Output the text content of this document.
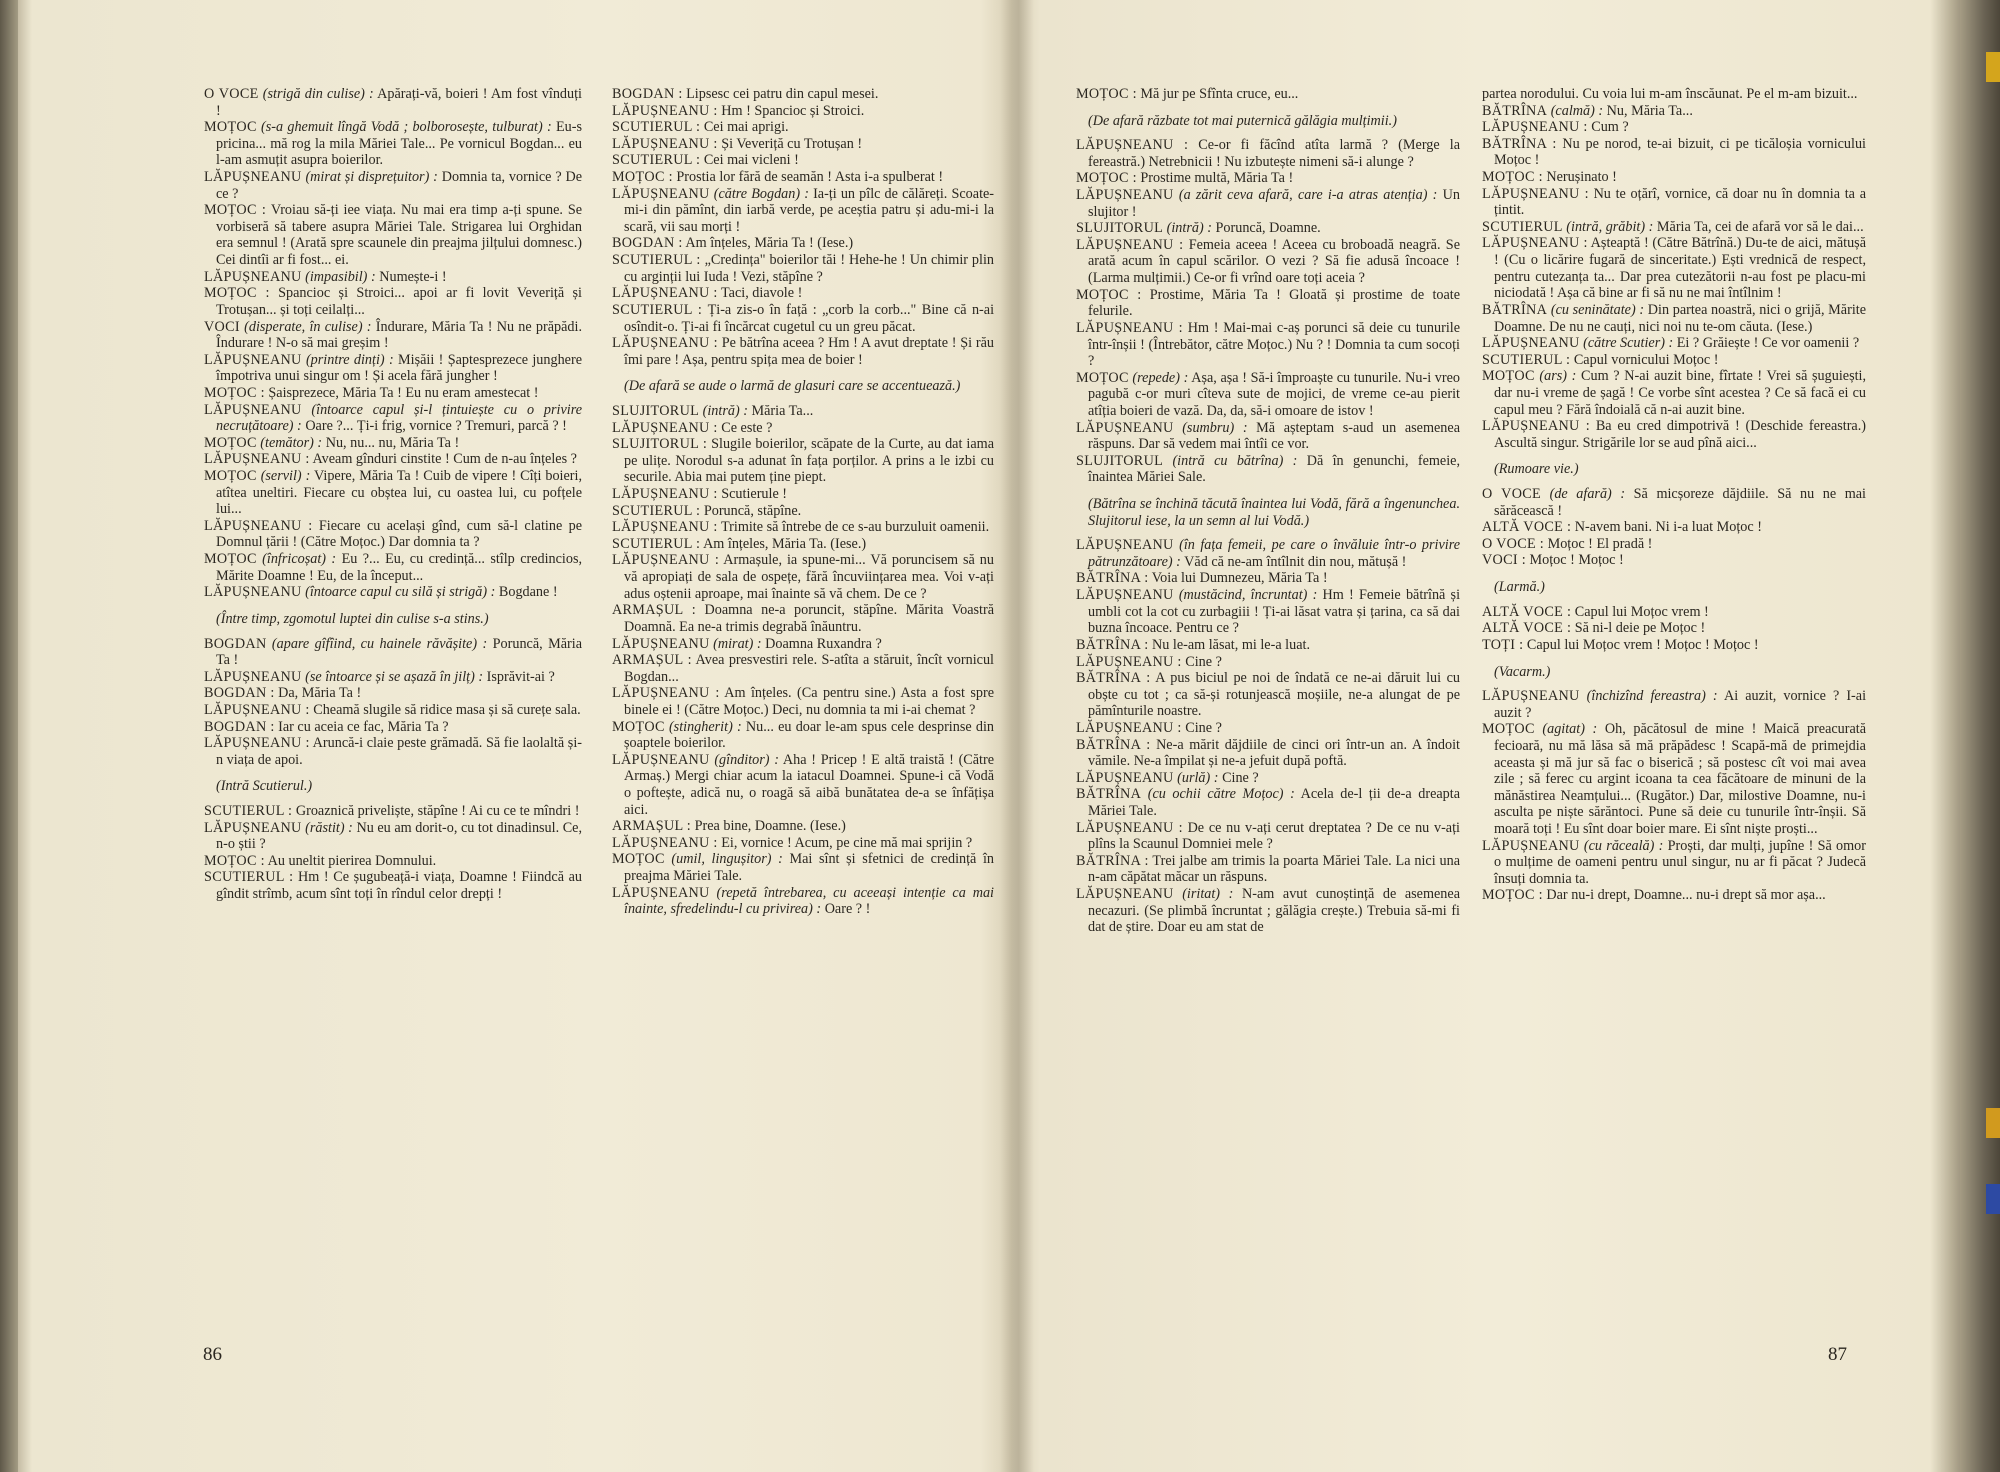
O VOCE (strigă din culise) : Apărați-vă, boieri ! Am fost vînduți !

MOȚOC (s-a ghemuit lîngă Vodă ; bolborosește, tulburat) : Eu-s pricina... mă rog la mila Măriei Tale... Pe vornicul Bogdan... eu l-am asmuțit asupra boierilor.

LĂPUȘNEANU (mirat și disprețuitor) : Domnia ta, vornice ? De ce ?

MOȚOC : Vroiau să-ți iee viața. Nu mai era timp a-ți spune. Se vorbiseră să tabere asupra Măriei Tale. Strigarea lui Orghidan era semnul ! (Arată spre scaunele din preajma jilțului domnesc.) Cei dintîi ar fi fost... ei.

LĂPUȘNEANU (impasibil) : Numește-i !

MOȚOC : Spancioc și Stroici... apoi ar fi lovit Veveriță și Trotușan... și toți ceilalți...

VOCI (disperate, în culise) : Îndurare, Măria Ta ! Nu ne prăpădi. Îndurare ! N-o să mai greșim !

LĂPUȘNEANU (printre dinți) : Mișăii ! Șaptesprezece junghere împotriva unui singur om ! Și acela fără jungher !

MOȚOC : Șaisprezece, Măria Ta ! Eu nu eram amestecat !

LĂPUȘNEANU (întoarce capul și-l țintuiește cu o privire necruțătoare) : Oare ?... Ți-i frig, vornice ? Tremuri, parcă ? !

MOȚOC (temător) : Nu, nu... nu, Măria Ta !

LĂPUȘNEANU : Aveam gînduri cinstite ! Cum de n-au înțeles ?

MOȚOC (servil) : Vipere, Măria Ta ! Cuib de vipere ! Cîți boieri, atîtea uneltiri. Fiecare cu obștea lui, cu oastea lui, cu pofțele lui...

LĂPUȘNEANU : Fiecare cu același gînd, cum să-l clatine pe Domnul țării ! (Către Moțoc.) Dar domnia ta ?

MOȚOC (înfricoșat) : Eu ?... Eu, cu credință... stîlp credincios, Mărite Doamne ! Eu, de la început...

LĂPUȘNEANU (întoarce capul cu silă și strigă) : Bogdane !

(Între timp, zgomotul luptei din culise s-a stins.)

BOGDAN (apare gîfîind, cu hainele răvășite) : Poruncă, Măria Ta !

LĂPUȘNEANU (se întoarce și se așază în jilț) : Isprăvit-ai ?

BOGDAN : Da, Măria Ta !

LĂPUȘNEANU : Cheamă slugile să ridice masa și să curețe sala.

BOGDAN : Iar cu aceia ce fac, Măria Ta ?

LĂPUȘNEANU : Aruncă-i claie peste grămadă. Să fie laolaltă și-n viața de apoi.

(Intră Scutierul.)

SCUTIERUL : Groaznică priveliște, stăpîne ! Ai cu ce te mîndri !

LĂPUȘNEANU (răstit) : Nu eu am dorit-o, cu tot dinadinsul. Ce, n-o știi ?

MOȚOC : Au uneltit pierirea Domnului.

SCUTIERUL : Hm ! Ce șugubeață-i viața, Doamne ! Fiindcă au gîndit strîmb, acum sînt toți în rîndul celor drepți !

BOGDAN : Lipsesc cei patru din capul mesei.

LĂPUȘNEANU : Hm ! Spancioc și Stroici.

SCUTIERUL : Cei mai aprigi.

LĂPUȘNEANU : Și Veveriță cu Trotușan !

SCUTIERUL : Cei mai vicleni !

MOȚOC : Prostia lor fără de seamăn ! Asta i-a spulberat !

LĂPUȘNEANU (către Bogdan) : Ia-ți un pîlc de călăreți. Scoate-mi-i din pămînt, din iarbă verde, pe aceștia patru și adu-mi-i la scară, vii sau morți !

BOGDAN : Am înțeles, Măria Ta ! (Iese.)

SCUTIERUL : „Credința" boierilor tăi ! Hehe-he ! Un chimir plin cu arginții lui Iuda ! Vezi, stăpîne ?

LĂPUȘNEANU : Taci, diavole !

SCUTIERUL : Ți-a zis-o în față : „corb la corb..." Bine că n-ai osîndit-o. Ți-ai fi încărcat cugetul cu un greu păcat.

LĂPUȘNEANU : Pe bătrîna aceea ? Hm ! A avut dreptate ! Și rău îmi pare ! Așa, pentru spița mea de boier !

(De afară se aude o larmă de glasuri care se accentuează.)

SLUJITORUL (intră) : Măria Ta...

LĂPUȘNEANU : Ce este ?

SLUJITORUL : Slugile boierilor, scăpate de la Curte, au dat iama pe ulițe. Norodul s-a adunat în fața porților. A prins a le izbi cu securile. Abia mai putem ține piept.

LĂPUȘNEANU : Scutierule !

SCUTIERUL : Poruncă, stăpîne.

LĂPUȘNEANU : Trimite să întrebe de ce s-au burzuluit oamenii.

SCUTIERUL : Am înțeles, Măria Ta. (Iese.)

LĂPUȘNEANU : Armașule, ia spune-mi... Vă poruncisem să nu vă apropiați de sala de ospețe, fără încuviințarea mea. Voi v-ați adus oștenii aproape, mai înainte să vă chem. De ce ?

ARMAȘUL : Doamna ne-a poruncit, stăpîne. Mărita Voastră Doamnă. Ea ne-a trimis degrabă înăuntru.

LĂPUȘNEANU (mirat) : Doamna Ruxandra ?

ARMAȘUL : Avea presvestiri rele. S-atîta a stăruit, încît vornicul Bogdan...

LĂPUȘNEANU : Am înțeles. (Ca pentru sine.) Asta a fost spre binele ei ! (Către Moțoc.) Deci, nu domnia ta mi i-ai chemat ?

MOȚOC (stingherit) : Nu... eu doar le-am spus cele desprinse din șoaptele boierilor.

LĂPUȘNEANU (gînditor) : Aha ! Pricep ! E altă traistă ! (Către Armaș.) Mergi chiar acum la iatacul Doamnei. Spune-i că Vodă o poftește, adică nu, o roagă să aibă bunătatea de-a se înfățișa aici.

ARMAȘUL : Prea bine, Doamne. (Iese.)

LĂPUȘNEANU : Ei, vornice ! Acum, pe cine mă mai sprijin ?

MOȚOC (umil, lingușitor) : Mai sînt și sfetnici de credință în preajma Măriei Tale.

LĂPUȘNEANU (repetă întrebarea, cu aceeași intenție ca mai înainte, sfredelindu-l cu privirea) : Oare ? !

MOȚOC : Mă jur pe Sfînta cruce, eu...

(De afară răzbate tot mai puternică gălăgia mulțimii.)

LĂPUȘNEANU : Ce-or fi făcînd atîta larmă ? (Merge la fereastră.) Netrebnicii ! Nu izbutește nimeni să-i alunge ?

MOȚOC : Prostime multă, Măria Ta !

LĂPUȘNEANU (a zărit ceva afară, care i-a atras atenția) : Un slujitor !

SLUJITORUL (intră) : Poruncă, Doamne.

LĂPUȘNEANU : Femeia aceea ! Aceea cu broboadă neagră. Se arată acum în capul scărilor. O vezi ? Să fie adusă încoace ! (Larma mulțimii.) Ce-or fi vrînd oare toți aceia ?

MOȚOC : Prostime, Măria Ta ! Gloată și prostime de toate felurile.

LĂPUȘNEANU : Hm ! Mai-mai c-aș porunci să deie cu tunurile într-înșii ! (Întrebător, către Moțoc.) Nu ? ! Domnia ta cum socoți ?

MOȚOC (repede) : Așa, așa ! Să-i împroaște cu tunurile. Nu-i vreo pagubă c-or muri cîteva sute de mojici, de vreme ce-au pierit atîția boieri de vază. Da, da, să-i omoare de istov !

LĂPUȘNEANU (sumbru) : Mă așteptam s-aud un asemenea răspuns. Dar să vedem mai întîi ce vor.

SLUJITORUL (intră cu bătrîna) : Dă în genunchi, femeie, înaintea Măriei Sale.

(Bătrîna se închină tăcută înaintea lui Vodă, fără a îngenunchea. Slujitorul iese, la un semn al lui Vodă.)

LĂPUȘNEANU (în fața femeii, pe care o învăluie într-o privire pătrunzătoare) : Văd că ne-am întîlnit din nou, mătușă !

BĂTRÎNA : Voia lui Dumnezeu, Măria Ta !

LĂPUȘNEANU (mustăcind, încruntat) : Hm ! Femeie bătrînă și umbli cot la cot cu zurbagiii ! Ți-ai lăsat vatra și țarina, ca să dai buzna încoace. Pentru ce ?

BĂTRÎNA : Nu le-am lăsat, mi le-a luat.

LĂPUȘNEANU : Cine ?

BĂTRÎNA : A pus biciul pe noi de îndată ce ne-ai dăruit lui cu obște cu tot ; ca să-și rotunjească moșiile, ne-a alungat de pe pămînturile noastre.

LĂPUȘNEANU : Cine ?

BĂTRÎNA : Ne-a mărit dăjdiile de cinci ori într-un an. A îndoit vămile. Ne-a împilat și ne-a jefuit după poftă.

LĂPUȘNEANU (urlă) : Cine ?

BĂTRÎNA (cu ochii către Moțoc) : Acela de-l ții de-a dreapta Măriei Tale.

LĂPUȘNEANU : De ce nu v-ați cerut dreptatea ? De ce nu v-ați plîns la Scaunul Domniei mele ?

BĂTRÎNA : Trei jalbe am trimis la poarta Măriei Tale. La nici una n-am căpătat măcar un răspuns.

LĂPUȘNEANU (iritat) : N-am avut cunoștință de asemenea necazuri. (Se plimbă încruntat ; gălăgia crește.) Trebuia să-mi fi dat de știre. Doar eu am stat de

partea norodului. Cu voia lui m-am înscăunat. Pe el m-am bizuit...

BĂTRÎNA (calmă) : Nu, Măria Ta...

LĂPUȘNEANU : Cum ?

BĂTRÎNA : Nu pe norod, te-ai bizuit, ci pe ticăloșia vornicului Moțoc !

MOȚOC : Nerușinato !

LĂPUȘNEANU : Nu te oțărî, vornice, că doar nu în domnia ta a țintit.

SCUTIERUL (intră, grăbit) : Măria Ta, cei de afară vor să le dai...

LĂPUȘNEANU : Așteaptă ! (Către Bătrînă.) Du-te de aici, mătușă ! (Cu o licărire fugară de sinceritate.) Ești vrednică de respect, pentru cutezanța ta... Dar prea cutezătorii n-au fost pe placu-mi niciodată ! Așa că bine ar fi să nu ne mai întîlnim !

BĂTRÎNA (cu seninătate) : Din partea noastră, nici o grijă, Mărite Doamne. De nu ne cauți, nici noi nu te-om căuta. (Iese.)

LĂPUȘNEANU (către Scutier) : Ei ? Grăiește ! Ce vor oamenii ?

SCUTIERUL : Capul vornicului Moțoc !

MOȚOC (ars) : Cum ? N-ai auzit bine, fîrtate ! Vrei să șuguiești, dar nu-i vreme de șagă ! Ce vorbe sînt acestea ? Ce să facă ei cu capul meu ? Fără îndoială că n-ai auzit bine.

LĂPUȘNEANU : Ba eu cred dimpotrivă ! (Deschide fereastra.) Ascultă singur. Strigările lor se aud pînă aici...

(Rumoare vie.)

O VOCE (de afară) : Să micșoreze dăjdiile. Să nu ne mai sărăcească !

ALTĂ VOCE : N-avem bani. Ni i-a luat Moțoc !

O VOCE : Moțoc ! El pradă !

VOCI : Moțoc ! Moțoc !

(Larmă.)

ALTĂ VOCE : Capul lui Moțoc vrem !

ALTĂ VOCE : Să ni-l deie pe Moțoc !

TOȚI : Capul lui Moțoc vrem ! Moțoc ! Moțoc !

(Vacarm.)

LĂPUȘNEANU (închizînd fereastra) : Ai auzit, vornice ? I-ai auzit ?

MOȚOC (agitat) : Oh, păcătosul de mine ! Maică preacurată fecioară, nu mă lăsa să mă prăpădesc ! Scapă-mă de primejdia aceasta și mă jur să fac o biserică ; să postesc cît voi mai avea zile ; să ferec cu argint icoana ta cea făcătoare de minuni de la mănăstirea Neamțului... (Rugător.) Dar, milostive Doamne, nu-i asculta pe niște sărăntoci. Pune să deie cu tunurile într-înșii. Să moară toți ! Eu sînt doar boier mare. Ei sînt niște proști...

LĂPUȘNEANU (cu răceală) : Proști, dar mulți, jupîne ! Să omor o mulțime de oameni pentru unul singur, nu ar fi păcat ? Judecă însuți domnia ta.

MOȚOC : Dar nu-i drept, Doamne... nu-i drept să mor așa...

86	87
